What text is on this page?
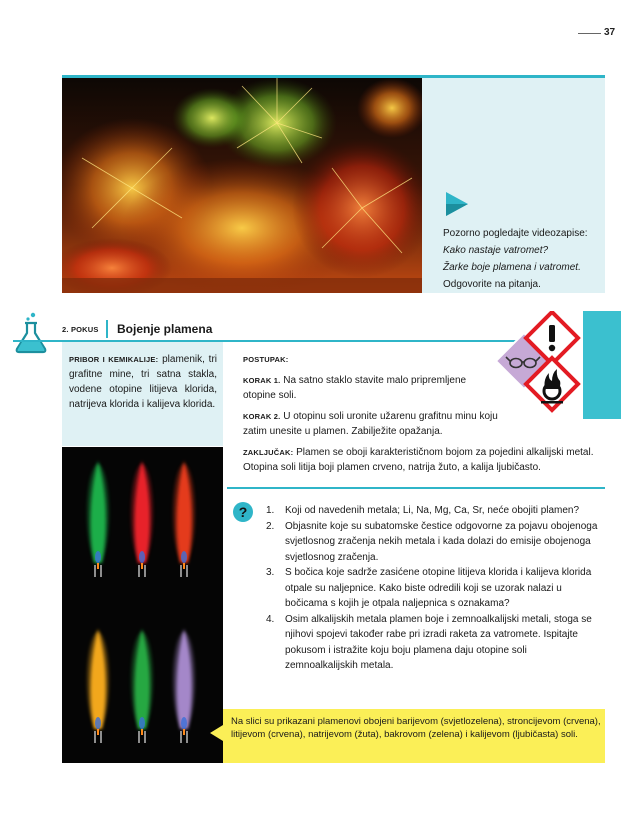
37

Pozorno pogledajte videozapise:

Kako nastaje vatromet?

Žarke boje plamena i vatromet.

Odgovorite na pitanja.

2. POKUS Bojenje plamena
PRIBOR I KEMIKALIJE: plamenik, tri grafitne mine, tri satna stakla, vodene otopine litijeva klorida, natrijeva klorida i kalijeva klorida.

POSTUPAK:

KORAK 1. Na satno staklo stavite malo pripremljene otopine soli.

KORAK 2. U otopinu soli uronite užarenu grafitnu minu koju zatim unesite u plamen. Zabilježite opažanja.

ZAKLJUČAK: Plamen se oboji karakterističnom bojom za pojedini alkalijski metal. Otopina soli litija boji plamen crveno, natrija žuto, a kalija ljubičasto.

? 1. Koji od navedenih metala; Li, Na, Mg, Ca, Sr, neće obojiti plamen?
2. Objasnite koje su subatomske čestice odgovorne za pojavu obojenoga svjetlosnog zračenja nekih metala i kada dolazi do emisije obojenoga svjetlosnog zračenja.
3. S bočica koje sadrže zasićene otopine litijeva klorida i kalijeva klorida otpale su naljepnice. Kako biste odredili koji se uzorak nalazi u bočicama s kojih je otpala naljepnica s oznakama?
4. Osim alkalijskih metala plamen boje i zemnoalkalijski metali, stoga se njihovi spojevi također rabe pri izradi raketa za vatromete. Ispitajte pokusom i istražite koju boju plamena daju otopine soli zemnoalkalijskih metala.
Na slici su prikazani plamenovi obojeni barijevom (svjetlozelena), stroncijevom (crvena), litijevom (crvena), natrijevom (žuta), bakrovom (zelena) i kalijevom (ljubičasta) soli.
